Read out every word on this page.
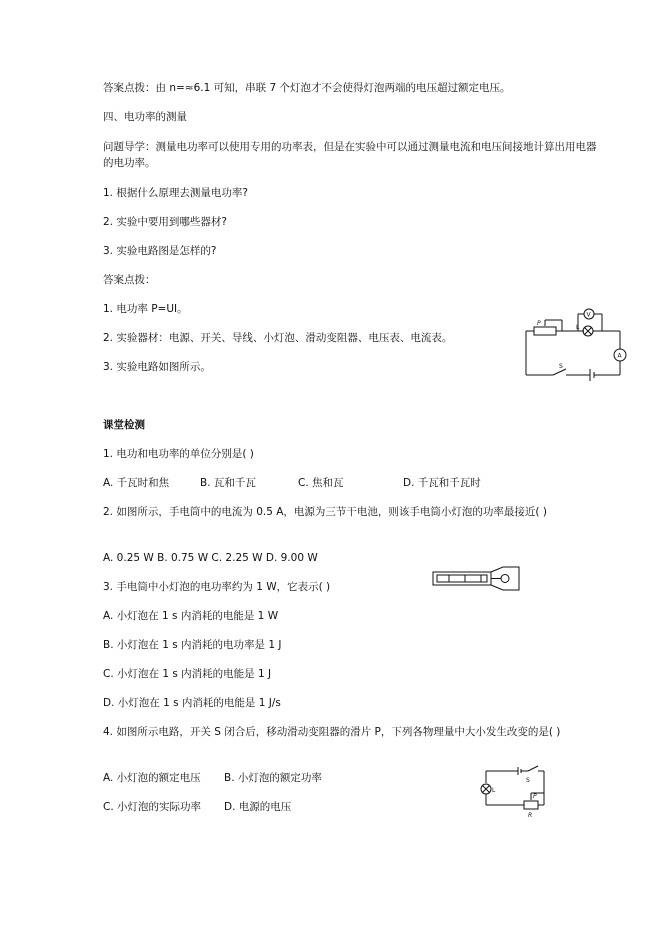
答案点拨：由 n=≈6.1 可知，串联 7 个灯泡才不会使得灯泡两端的电压超过额定电压。
四、电功率的测量
问题导学：测量电功率可以使用专用的功率表，但是在实验中可以通过测量电流和电压间接地计算出用电器的电功率。
1. 根据什么原理去测量电功率?
2. 实验中要用到哪些器材?
3. 实验电路图是怎样的?
答案点拨：
1. 电功率 P=UI。
2. 实验器材：电源、开关、导线、小灯泡、滑动变阻器、电压表、电流表。
3. 实验电路如图所示。
课堂检测
1. 电功和电功率的单位分别是( )
A. 千瓦时和焦	B. 瓦和千瓦	C. 焦和瓦	D. 千瓦和千瓦时
2. 如图所示，手电筒中的电流为 0.5 A，电源为三节干电池，则该手电筒小灯泡的功率最接近( )
A. 0.25 W B. 0.75 W C. 2.25 W D. 9.00 W
3. 手电筒中小灯泡的电功率约为 1 W，它表示( )
A. 小灯泡在 1 s 内消耗的电能是 1 W
B. 小灯泡在 1 s 内消耗的电功率是 1 J
C. 小灯泡在 1 s 内消耗的电能是 1 J
D. 小灯泡在 1 s 内消耗的电能是 1 J/s
4. 如图所示电路，开关 S 闭合后，移动滑动变阻器的滑片 P，下列各物理量中大小发生改变的是( )
A. 小灯泡的额定电压 B. 小灯泡的额定功率
C. 小灯泡的实际功率 D. 电源的电压
P
V
L
A
S
L
S
P
R
